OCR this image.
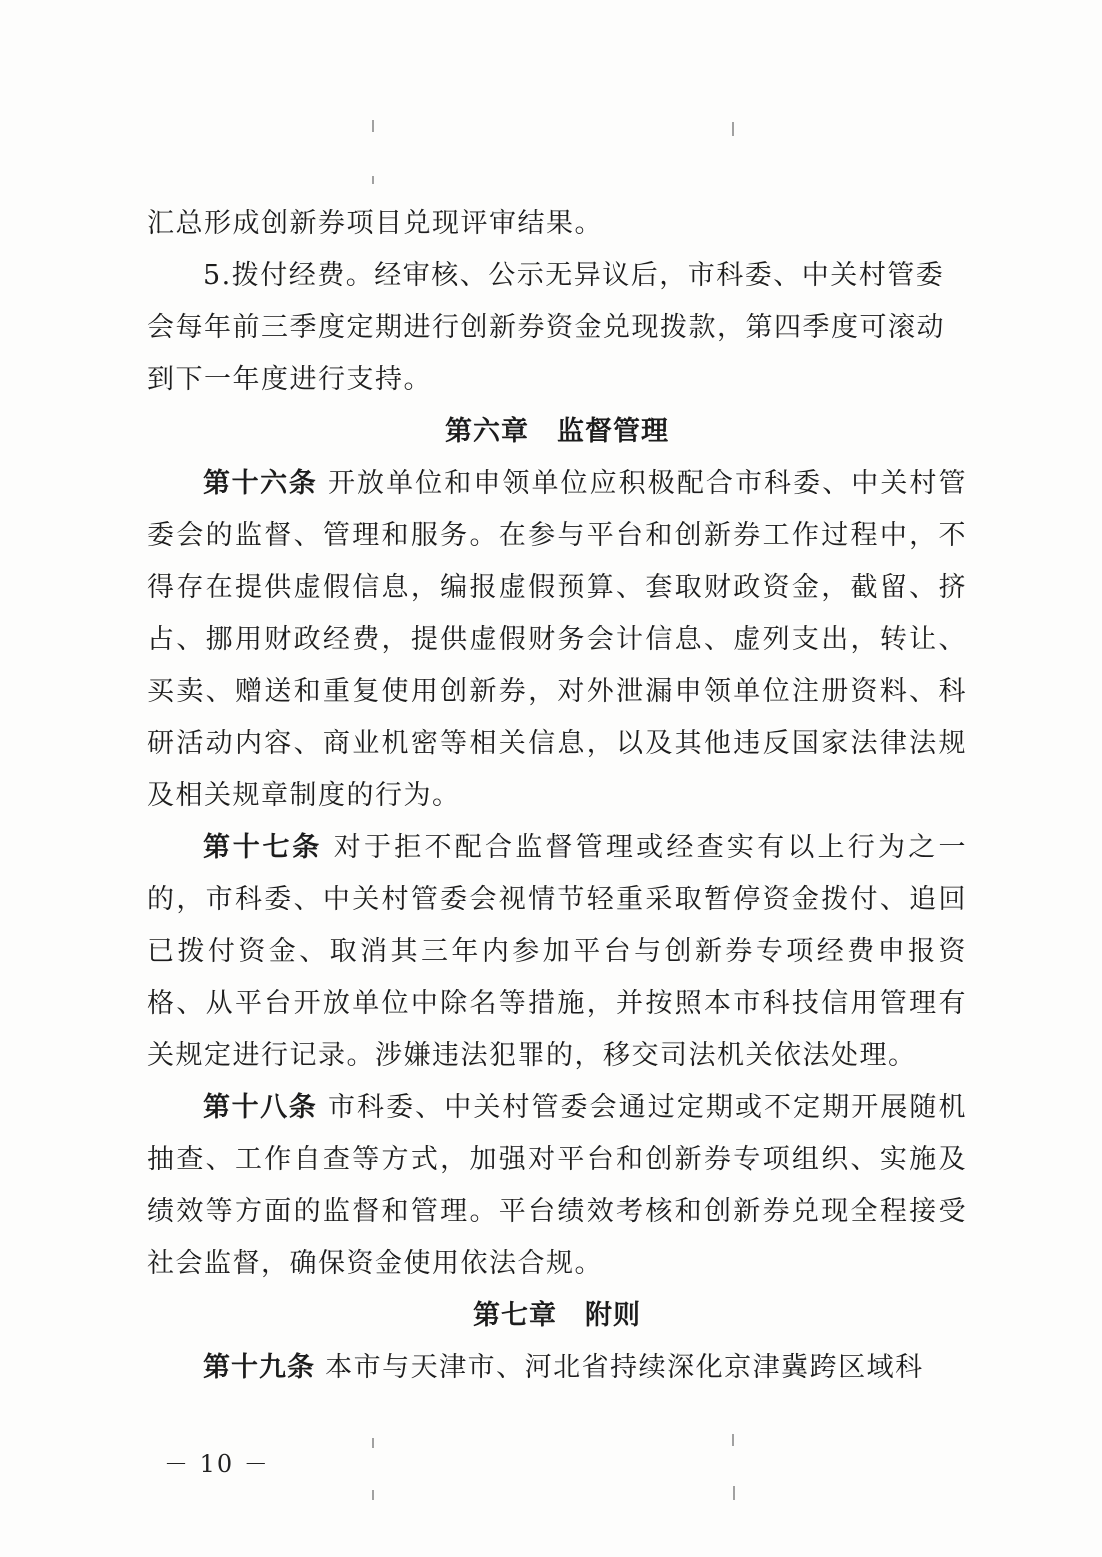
汇总形成创新券项目兑现评审结果。
5.拨付经费。经审核、公示无异议后，市科委、中关村管委
会每年前三季度定期进行创新券资金兑现拨款，第四季度可滚动
到下一年度进行支持。
第六章 监督管理

第十六条 开放单位和申领单位应积极配合市科委、中关村管委会的监督、管理和服务。在参与平台和创新券工作过程中，不得存在提供虚假信息，编报虚假预算、套取财政资金，截留、挤占、挪用财政经费，提供虚假财务会计信息、虚列支出，转让、买卖、赠送和重复使用创新券，对外泄漏申领单位注册资料、科研活动内容、商业机密等相关信息，以及其他违反国家法律法规及相关规章制度的行为。

第十七条 对于拒不配合监督管理或经查实有以上行为之一的，市科委、中关村管委会视情节轻重采取暂停资金拨付、追回已拨付资金、取消其三年内参加平台与创新券专项经费申报资格、从平台开放单位中除名等措施，并按照本市科技信用管理有关规定进行记录。涉嫌违法犯罪的，移交司法机关依法处理。

第十八条 市科委、中关村管委会通过定期或不定期开展随机抽查、工作自查等方式，加强对平台和创新券专项组织、实施及绩效等方面的监督和管理。平台绩效考核和创新券兑现全程接受社会监督，确保资金使用依法合规。

第七章 附则

第十九条 本市与天津市、河北省持续深化京津冀跨区域科

－ 10 －
